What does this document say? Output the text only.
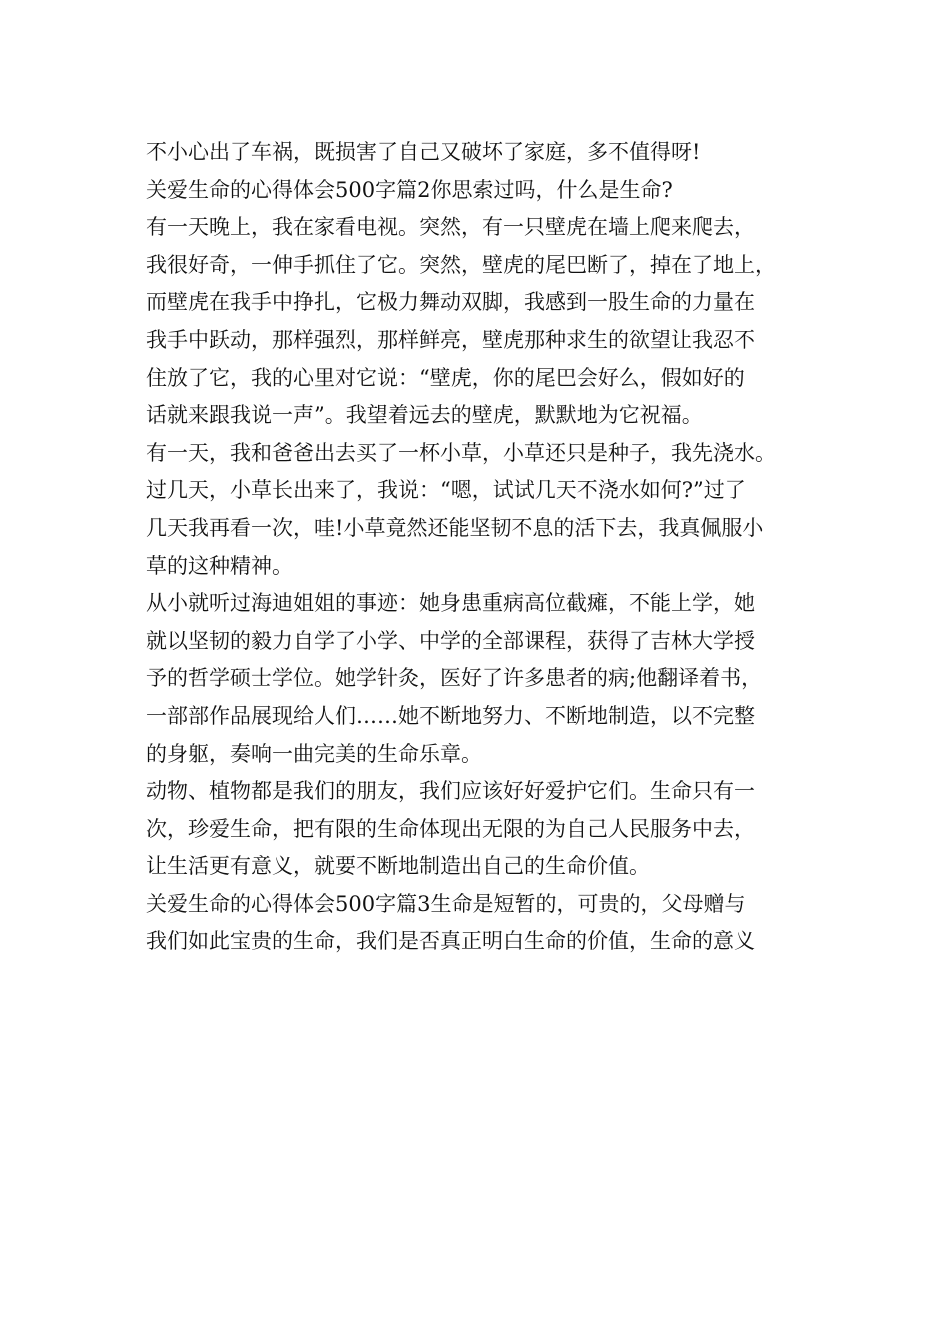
不小心出了车祸，既损害了自己又破坏了家庭，多不值得呀!
关爱生命的心得体会500字篇2你思索过吗，什么是生命?
有一天晚上，我在家看电视。突然，有一只壁虎在墙上爬来爬去，
我很好奇，一伸手抓住了它。突然，壁虎的尾巴断了，掉在了地上，
而壁虎在我手中挣扎，它极力舞动双脚，我感到一股生命的力量在
我手中跃动，那样强烈，那样鲜亮，壁虎那种求生的欲望让我忍不
住放了它，我的心里对它说：“壁虎，你的尾巴会好么，假如好的
话就来跟我说一声”。我望着远去的壁虎，默默地为它祝福。
有一天，我和爸爸出去买了一杯小草，小草还只是种子，我先浇水。
过几天，小草长出来了，我说：“嗯，试试几天不浇水如何?”过了
几天我再看一次，哇!小草竟然还能坚韧不息的活下去，我真佩服小
草的这种精神。
从小就听过海迪姐姐的事迹：她身患重病高位截瘫，不能上学，她
就以坚韧的毅力自学了小学、中学的全部课程，获得了吉林大学授
予的哲学硕士学位。她学针灸，医好了许多患者的病;他翻译着书，
一部部作品展现给人们……她不断地努力、不断地制造，以不完整
的身躯，奏响一曲完美的生命乐章。
动物、植物都是我们的朋友，我们应该好好爱护它们。生命只有一
次，珍爱生命，把有限的生命体现出无限的为自己人民服务中去，
让生活更有意义，就要不断地制造出自己的生命价值。
关爱生命的心得体会500字篇3生命是短暂的，可贵的，父母赠与
我们如此宝贵的生命，我们是否真正明白生命的价值，生命的意义
